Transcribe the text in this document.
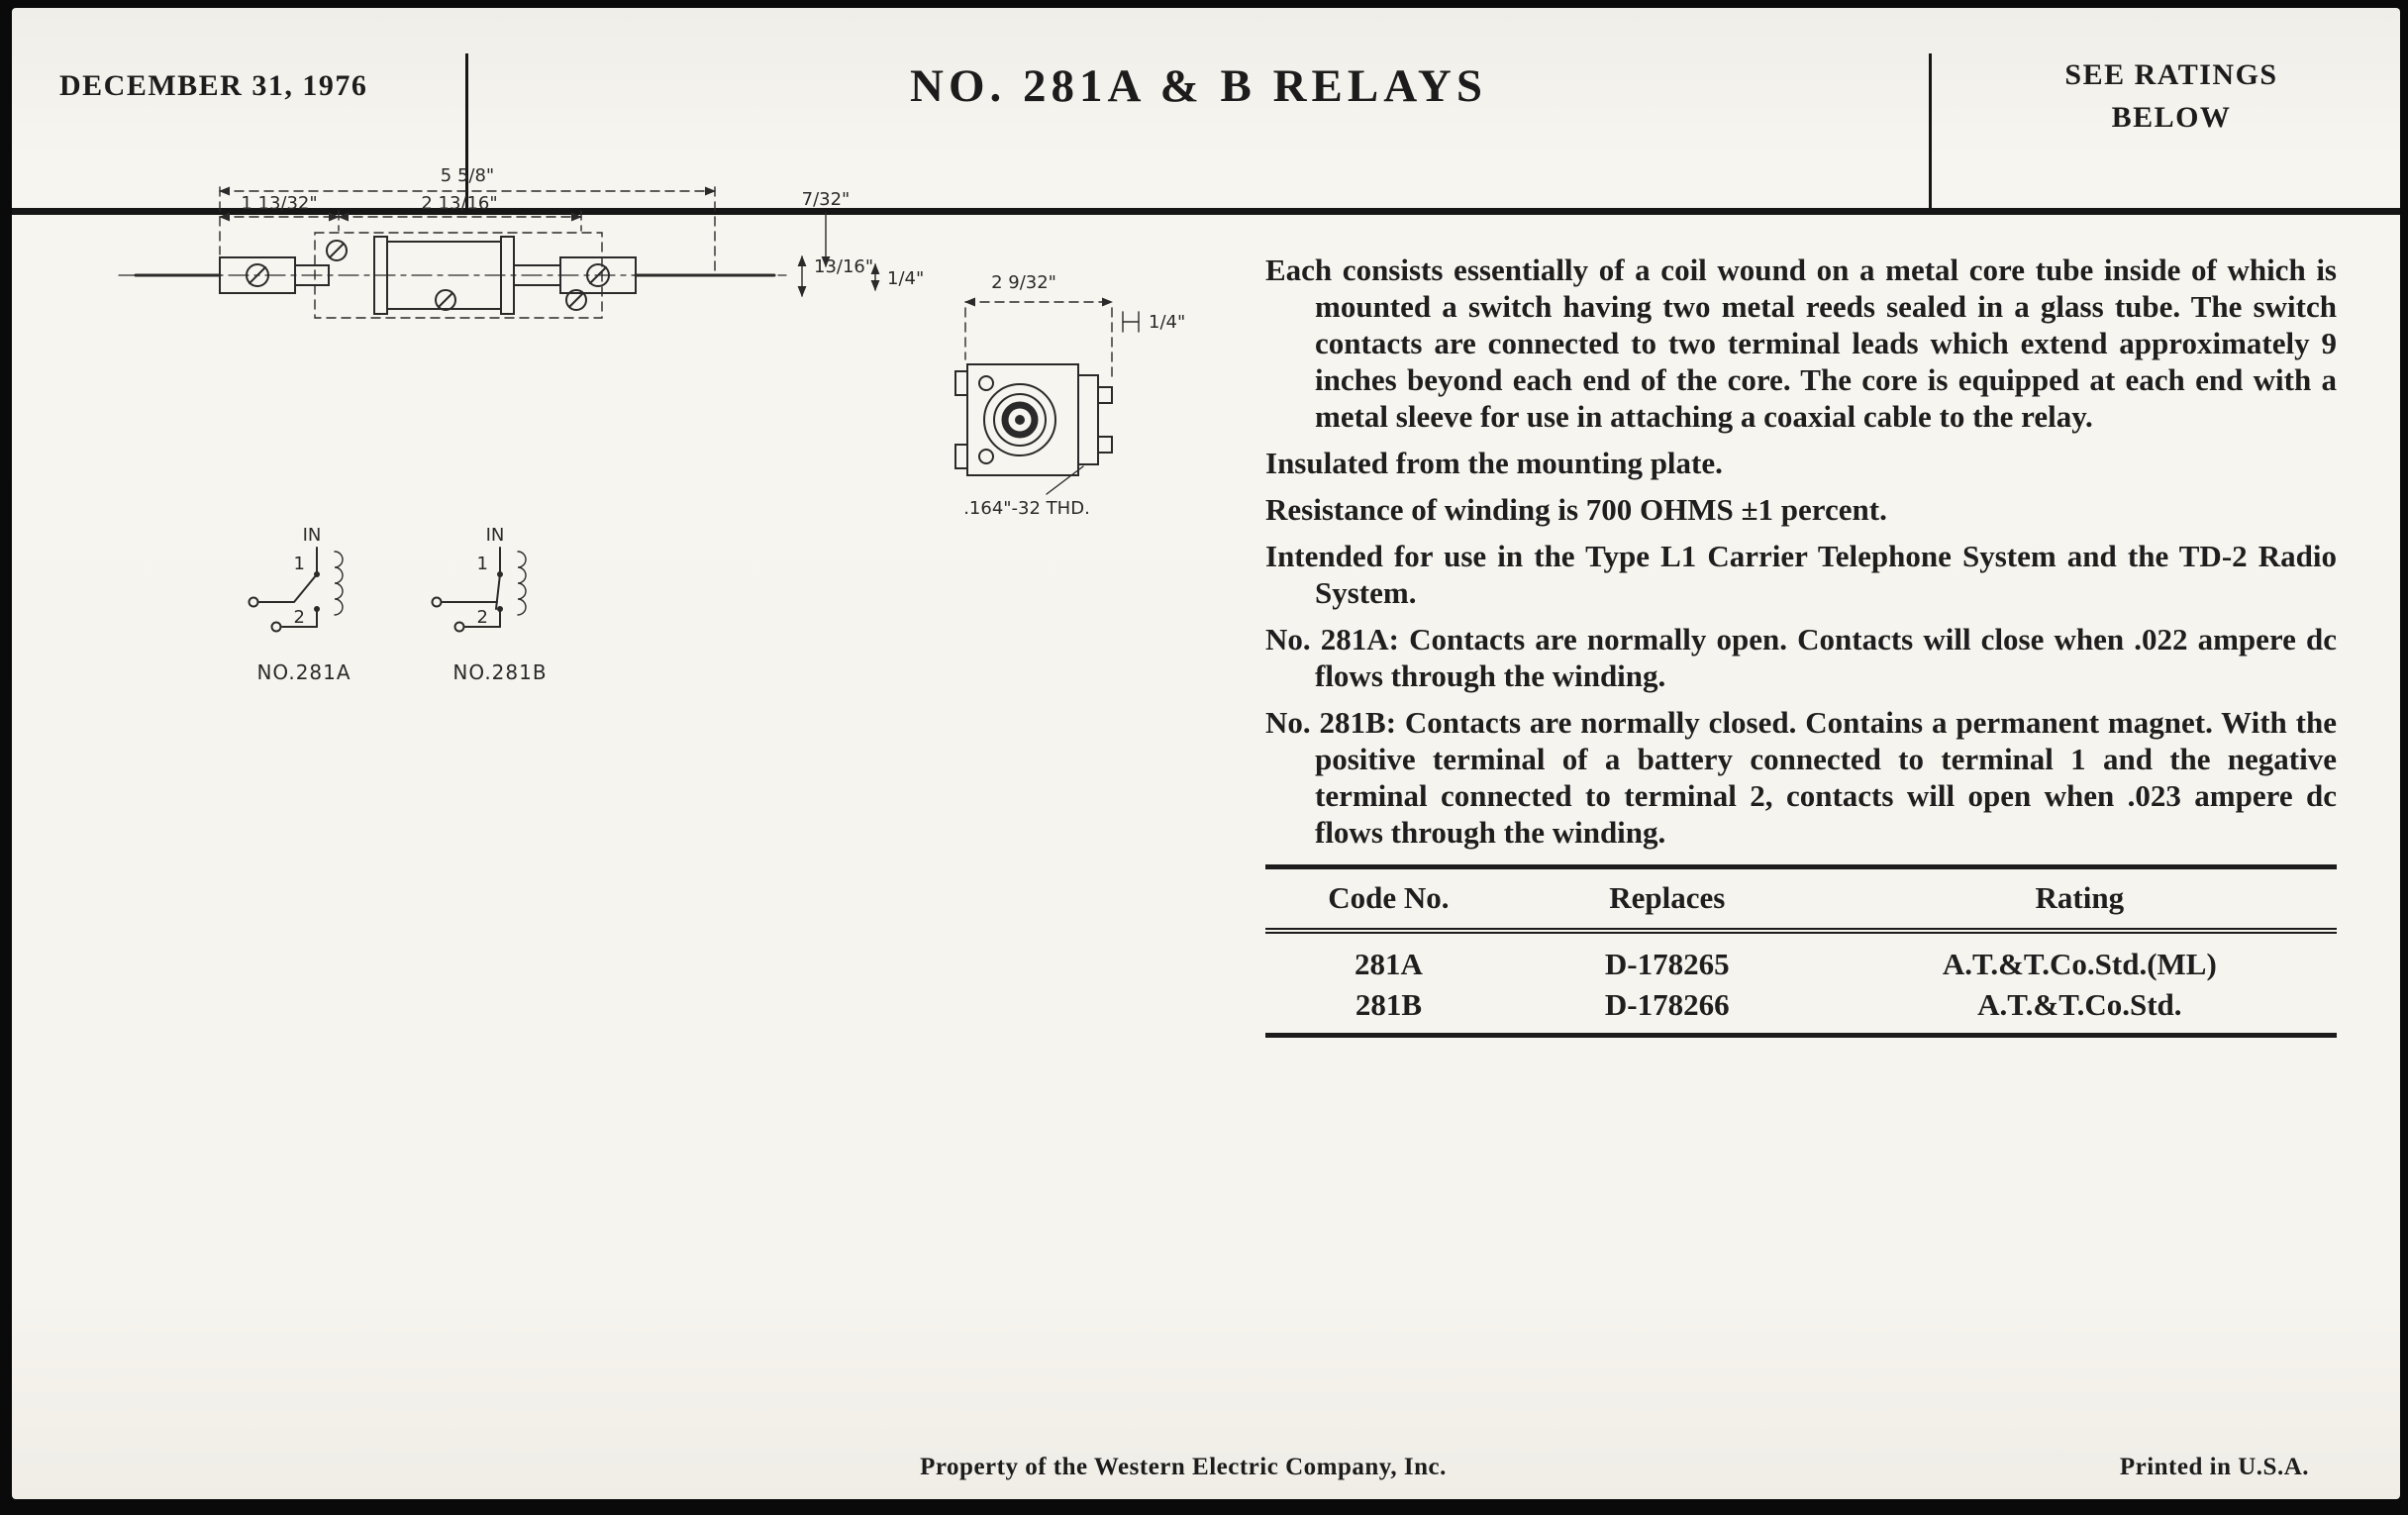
DECEMBER 31, 1976	NO. 281A & B RELAYS	SEE RATINGS
BELOW
5 5/8"
1 13/32"	2 13/16"	7/32"
13/16"
1/4"	2 9/32"
1/4"
.164"-32 THD.
IN
1
2
NO.281A
IN
1
2
NO.281B

Each consists essentially of a coil wound on a metal core tube inside of which is mounted a switch having two metal reeds sealed in a glass tube. The switch contacts are connected to two terminal leads which extend approximately 9 inches beyond each end of the core. The core is equipped at each end with a metal sleeve for use in attaching a coaxial cable to the relay.

Insulated from the mounting plate.

Resistance of winding is 700 OHMS ±1 percent.

Intended for use in the Type L1 Carrier Telephone System and the TD-2 Radio System.

No. 281A: Contacts are normally open. Contacts will close when .022 ampere dc flows through the winding.

No. 281B: Contacts are normally closed. Contains a permanent magnet. With the positive terminal of a battery connected to terminal 1 and the negative terminal connected to terminal 2, contacts will open when .023 ampere dc flows through the winding.

Code No.	Replaces	Rating
281A	D-178265	A.T.&T.Co.Std.(ML)
281B	D-178266	A.T.&T.Co.Std.
Property of the Western Electric Company, Inc.	Printed in U.S.A.
